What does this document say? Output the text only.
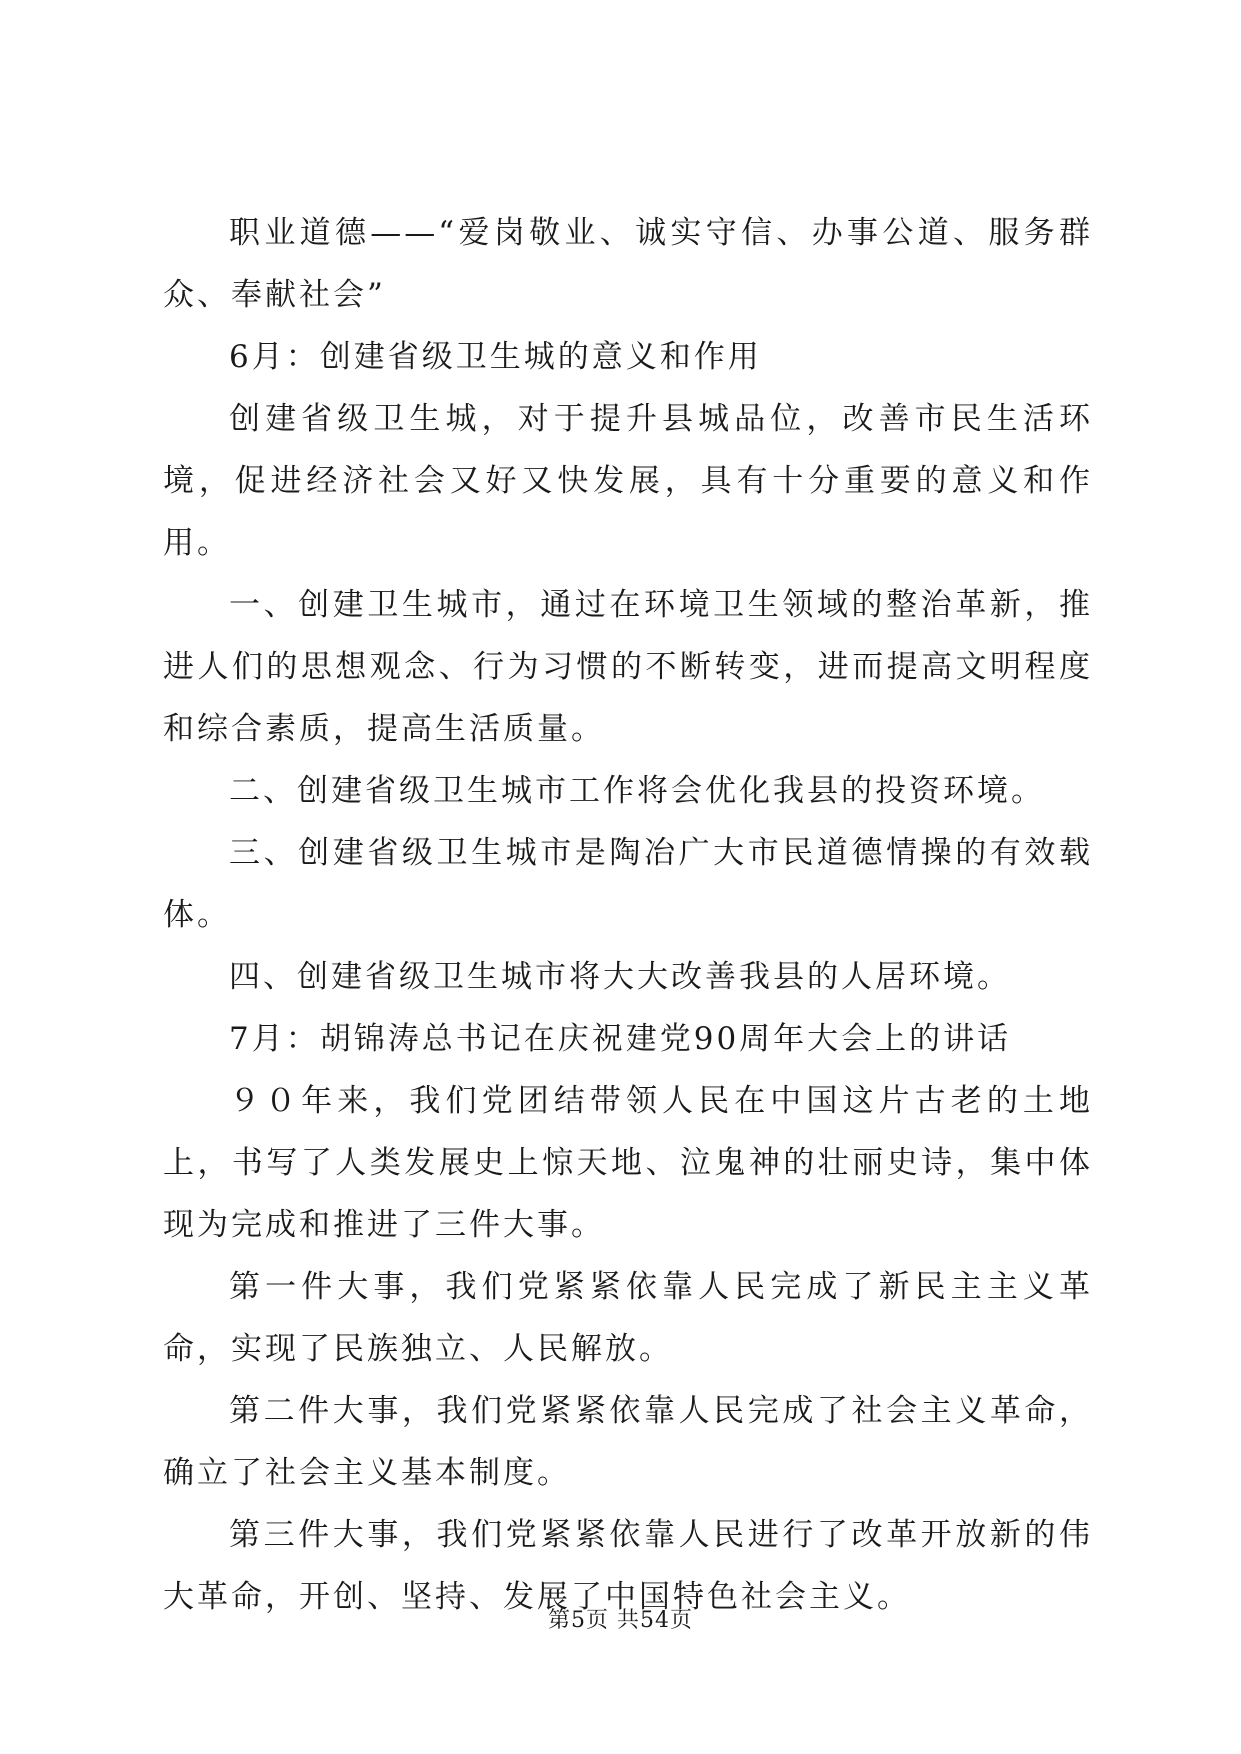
职业道德——“爱岗敬业、诚实守信、办事公道、服务群众、奉献社会”

6月：创建省级卫生城的意义和作用

创建省级卫生城，对于提升县城品位，改善市民生活环境，促进经济社会又好又快发展，具有十分重要的意义和作用。

一、创建卫生城市，通过在环境卫生领域的整治革新，推进人们的思想观念、行为习惯的不断转变，进而提高文明程度和综合素质，提高生活质量。

二、创建省级卫生城市工作将会优化我县的投资环境。

三、创建省级卫生城市是陶冶广大市民道德情操的有效载体。

四、创建省级卫生城市将大大改善我县的人居环境。

7月：胡锦涛总书记在庆祝建党90周年大会上的讲话

９０年来，我们党团结带领人民在中国这片古老的土地上，书写了人类发展史上惊天地、泣鬼神的壮丽史诗，集中体现为完成和推进了三件大事。

第一件大事，我们党紧紧依靠人民完成了新民主主义革命，实现了民族独立、人民解放。

第二件大事，我们党紧紧依靠人民完成了社会主义革命，确立了社会主义基本制度。

第三件大事，我们党紧紧依靠人民进行了改革开放新的伟大革命，开创、坚持、发展了中国特色社会主义。

第5页 共54页
